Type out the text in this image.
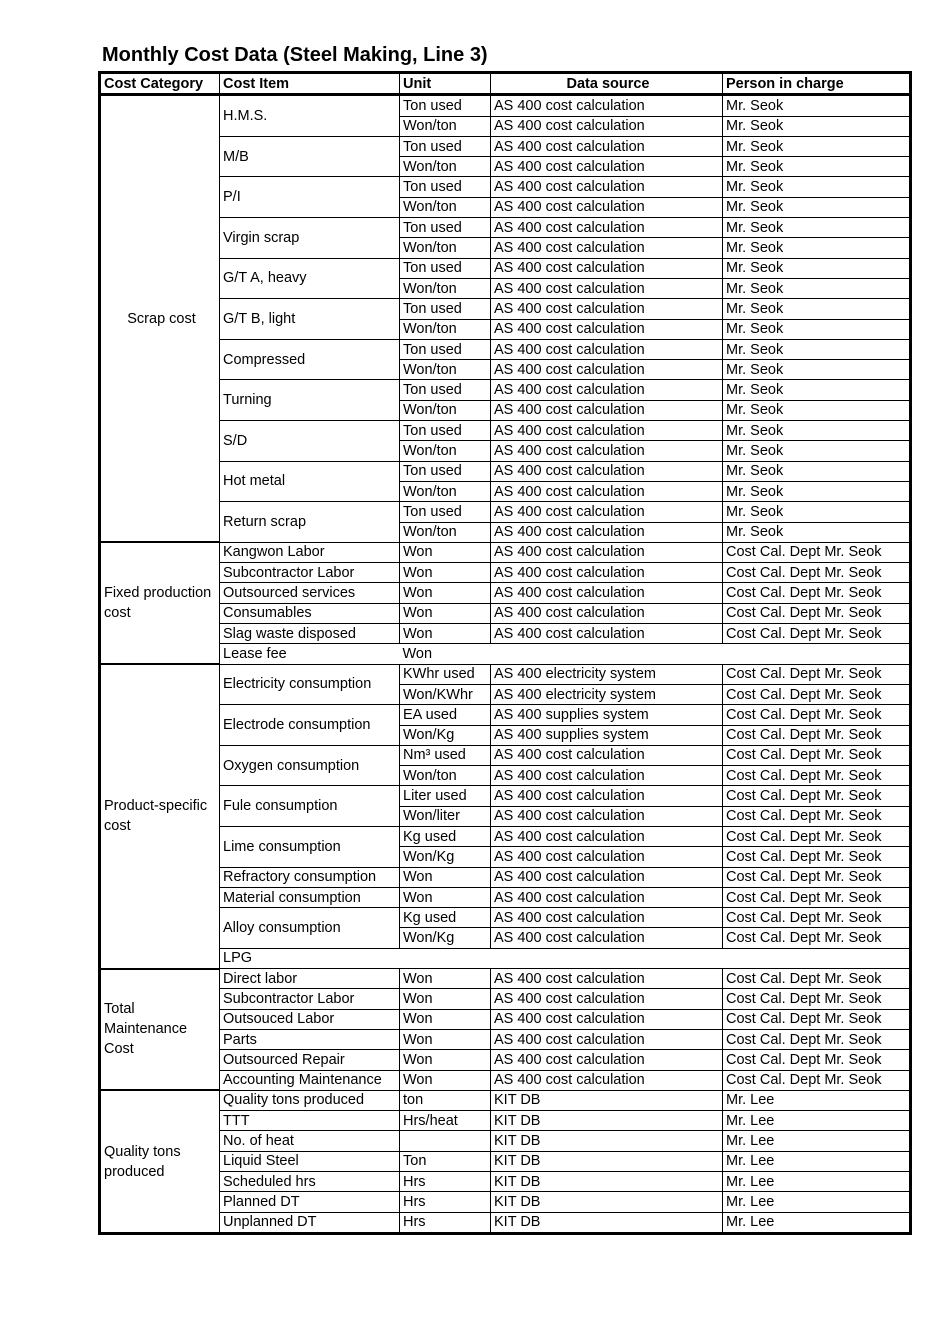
Monthly Cost Data (Steel Making, Line 3)
Cost Category	Cost Item	Unit	Data source	Person in charge
Scrap cost	H.M.S.	Ton used	AS 400 cost calculation	Mr. Seok
		Won/ton	AS 400 cost calculation	Mr. Seok
	M/B	Ton used	AS 400 cost calculation	Mr. Seok
		Won/ton	AS 400 cost calculation	Mr. Seok
	P/I	Ton used	AS 400 cost calculation	Mr. Seok
		Won/ton	AS 400 cost calculation	Mr. Seok
	Virgin scrap	Ton used	AS 400 cost calculation	Mr. Seok
		Won/ton	AS 400 cost calculation	Mr. Seok
	G/T A, heavy	Ton used	AS 400 cost calculation	Mr. Seok
		Won/ton	AS 400 cost calculation	Mr. Seok
	G/T B, light	Ton used	AS 400 cost calculation	Mr. Seok
		Won/ton	AS 400 cost calculation	Mr. Seok
	Compressed	Ton used	AS 400 cost calculation	Mr. Seok
		Won/ton	AS 400 cost calculation	Mr. Seok
	Turning	Ton used	AS 400 cost calculation	Mr. Seok
		Won/ton	AS 400 cost calculation	Mr. Seok
	S/D	Ton used	AS 400 cost calculation	Mr. Seok
		Won/ton	AS 400 cost calculation	Mr. Seok
	Hot metal	Ton used	AS 400 cost calculation	Mr. Seok
		Won/ton	AS 400 cost calculation	Mr. Seok
	Return scrap	Ton used	AS 400 cost calculation	Mr. Seok
		Won/ton	AS 400 cost calculation	Mr. Seok
Fixed production cost	Kangwon Labor	Won	AS 400 cost calculation	Cost Cal. Dept Mr. Seok
	Subcontractor Labor	Won	AS 400 cost calculation	Cost Cal. Dept Mr. Seok
	Outsourced services	Won	AS 400 cost calculation	Cost Cal. Dept Mr. Seok
	Consumables	Won	AS 400 cost calculation	Cost Cal. Dept Mr. Seok
	Slag waste disposed	Won	AS 400 cost calculation	Cost Cal. Dept Mr. Seok
	Lease fee	Won		
Product-specific cost	Electricity consumption	KWhr used	AS 400 electricity system	Cost Cal. Dept Mr. Seok
		Won/KWhr	AS 400 electricity system	Cost Cal. Dept Mr. Seok
	Electrode consumption	EA used	AS 400 supplies system	Cost Cal. Dept Mr. Seok
		Won/Kg	AS 400 supplies system	Cost Cal. Dept Mr. Seok
	Oxygen consumption	Nm³ used	AS 400 cost calculation	Cost Cal. Dept Mr. Seok
		Won/ton	AS 400 cost calculation	Cost Cal. Dept Mr. Seok
	Fule consumption	Liter used	AS 400 cost calculation	Cost Cal. Dept Mr. Seok
		Won/liter	AS 400 cost calculation	Cost Cal. Dept Mr. Seok
	Lime consumption	Kg used	AS 400 cost calculation	Cost Cal. Dept Mr. Seok
		Won/Kg	AS 400 cost calculation	Cost Cal. Dept Mr. Seok
	Refractory consumption	Won	AS 400 cost calculation	Cost Cal. Dept Mr. Seok
	Material consumption	Won	AS 400 cost calculation	Cost Cal. Dept Mr. Seok
	Alloy consumption	Kg used	AS 400 cost calculation	Cost Cal. Dept Mr. Seok
		Won/Kg	AS 400 cost calculation	Cost Cal. Dept Mr. Seok
	LPG			
Total Maintenance Cost	Direct labor	Won	AS 400 cost calculation	Cost Cal. Dept Mr. Seok
	Subcontractor Labor	Won	AS 400 cost calculation	Cost Cal. Dept Mr. Seok
	Outsouced Labor	Won	AS 400 cost calculation	Cost Cal. Dept Mr. Seok
	Parts	Won	AS 400 cost calculation	Cost Cal. Dept Mr. Seok
	Outsourced Repair	Won	AS 400 cost calculation	Cost Cal. Dept Mr. Seok
	Accounting Maintenance	Won	AS 400 cost calculation	Cost Cal. Dept Mr. Seok
Quality tons produced	Quality tons produced	ton	KIT DB	Mr. Lee
	TTT	Hrs/heat	KIT DB	Mr. Lee
	No. of heat		KIT DB	Mr. Lee
	Liquid Steel	Ton	KIT DB	Mr. Lee
	Scheduled hrs	Hrs	KIT DB	Mr. Lee
	Planned DT	Hrs	KIT DB	Mr. Lee
	Unplanned DT	Hrs	KIT DB	Mr. Lee
